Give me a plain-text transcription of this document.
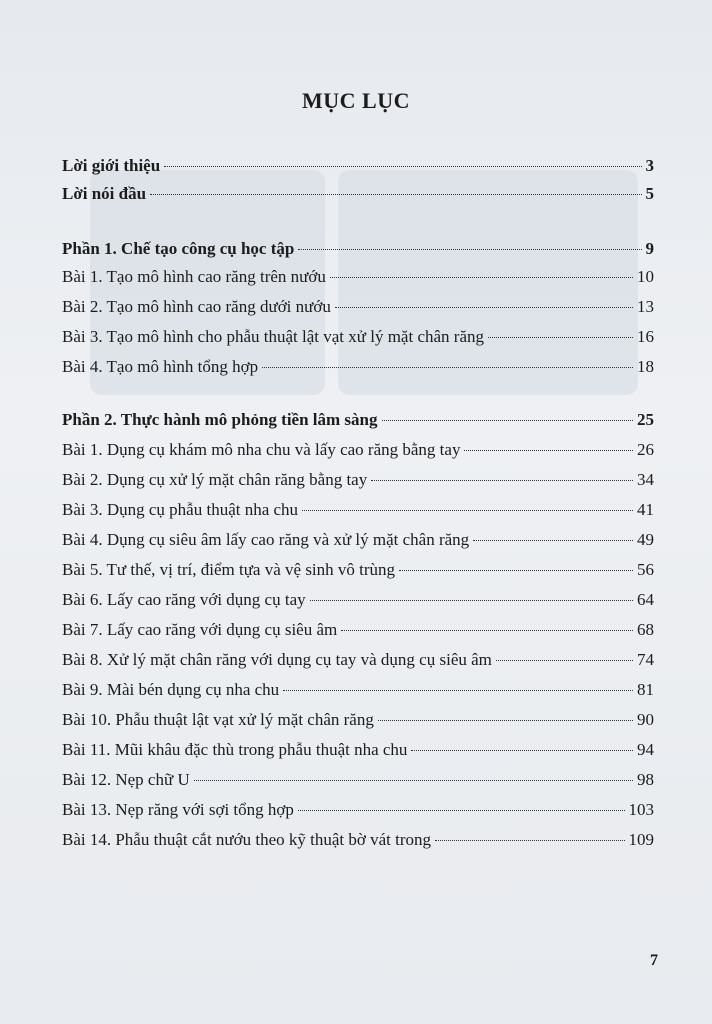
MỤC LỤC
Lời giới thiệu	3
Lời nói đầu	5
Phần 1. Chế tạo công cụ học tập	9
Bài 1. Tạo mô hình cao răng trên nướu	10
Bài 2. Tạo mô hình cao răng dưới nướu	13
Bài 3. Tạo mô hình cho phẫu thuật lật vạt xử lý mặt chân răng	16
Bài 4. Tạo mô hình tổng hợp	18
Phần 2. Thực hành mô phỏng tiền lâm sàng	25
Bài 1. Dụng cụ khám mô nha chu và lấy cao răng bằng tay	26
Bài 2. Dụng cụ xử lý mặt chân răng bằng tay	34
Bài 3. Dụng cụ phẫu thuật nha chu	41
Bài 4. Dụng cụ siêu âm lấy cao răng và xử lý mặt chân răng	49
Bài 5. Tư thế, vị trí, điểm tựa và vệ sinh vô trùng	56
Bài 6. Lấy cao răng với dụng cụ tay	64
Bài 7. Lấy cao răng với dụng cụ siêu âm	68
Bài 8. Xử lý mặt chân răng với dụng cụ tay và dụng cụ siêu âm	74
Bài 9. Mài bén dụng cụ nha chu	81
Bài 10. Phẫu thuật lật vạt xử lý mặt chân răng	90
Bài 11. Mũi khâu đặc thù trong phẫu thuật nha chu	94
Bài 12. Nẹp chữ U	98
Bài 13. Nẹp răng với sợi tổng hợp	103
Bài 14. Phẫu thuật cắt nướu theo kỹ thuật bờ vát trong	109
7
